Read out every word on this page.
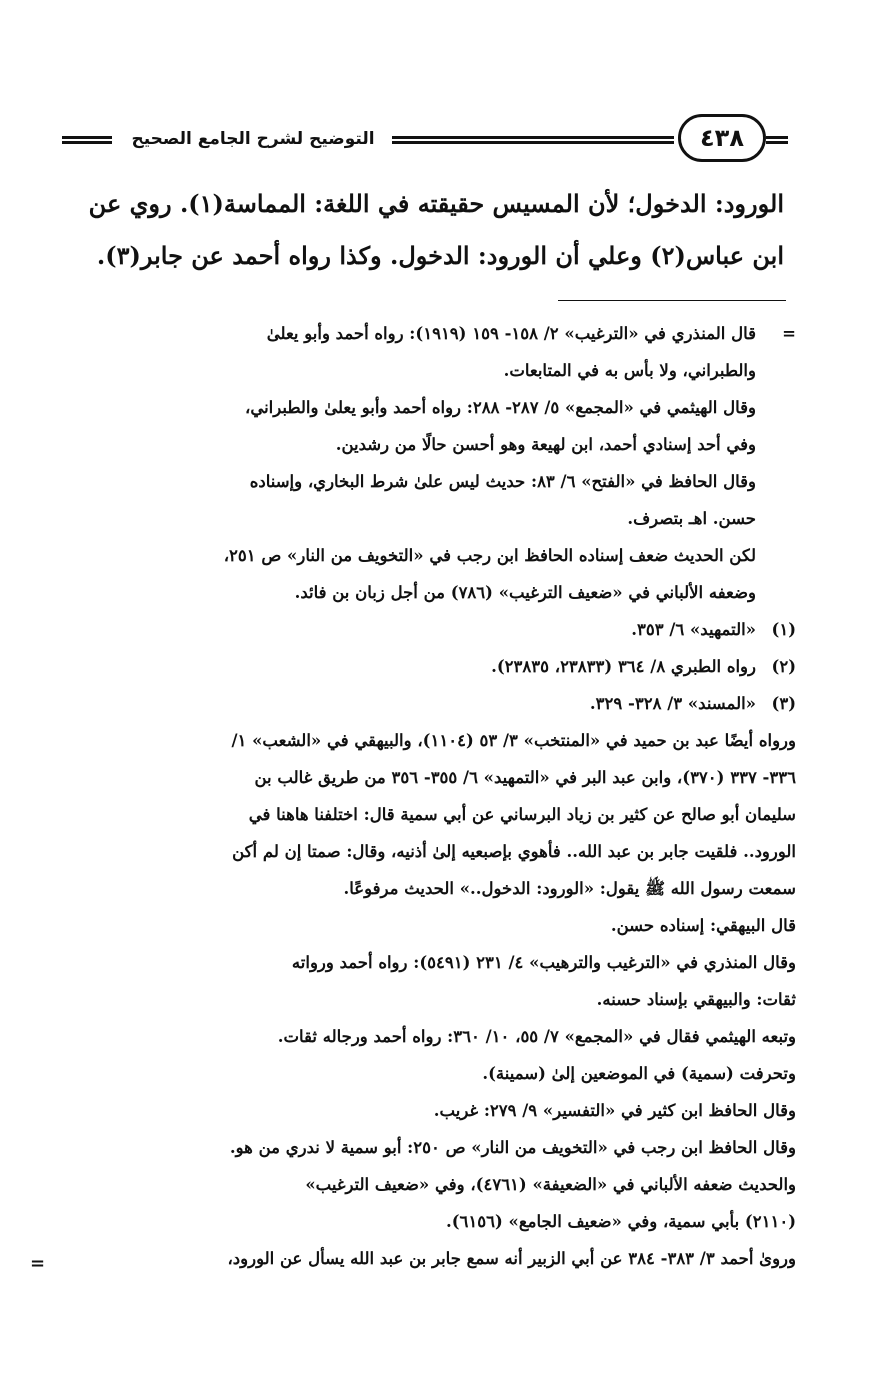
التوضيح لشرح الجامع الصحيح	٤٣٨
الورود: الدخول؛ لأن المسيس حقيقته في اللغة: المماسة(١). روي عن
ابن عباس(٢) وعلي أن الورود: الدخول. وكذا رواه أحمد عن جابر(٣).
=
قال المنذري في «الترغيب» ٢/ ١٥٨- ١٥٩ (١٩١٩): رواه أحمد وأبو يعلىٰ
والطبراني، ولا بأس به في المتابعات.
وقال الهيثمي في «المجمع» ٥/ ٢٨٧- ٢٨٨: رواه أحمد وأبو يعلىٰ والطبراني،
وفي أحد إسنادي أحمد، ابن لهيعة وهو أحسن حالًا من رشدين.
وقال الحافظ في «الفتح» ٦/ ٨٣: حديث ليس علىٰ شرط البخاري، وإسناده
حسن. اهـ بتصرف.
لكن الحديث ضعف إسناده الحافظ ابن رجب في «التخويف من النار» ص ٢٥١،
وضعفه الألباني في «ضعيف الترغيب» (٧٨٦) من أجل زبان بن فائد.
(١)
«التمهيد» ٦/ ٣٥٣.
(٢)
رواه الطبري ٨/ ٣٦٤ (٢٣٨٣٣، ٢٣٨٣٥).
(٣)
«المسند» ٣/ ٣٢٨- ٣٢٩.
ورواه أيضًا عبد بن حميد في «المنتخب» ٣/ ٥٣ (١١٠٤)، والبيهقي في «الشعب» ١/
٣٣٦- ٣٣٧ (٣٧٠)، وابن عبد البر في «التمهيد» ٦/ ٣٥٥- ٣٥٦ من طريق غالب بن
سليمان أبو صالح عن كثير بن زياد البرساني عن أبي سمية قال: اختلفنا هاهنا في
الورود.. فلقيت جابر بن عبد الله.. فأهوي بإصبعيه إلىٰ أذنيه، وقال: صمتا إن لم أكن
سمعت رسول الله ﷺ يقول: «الورود: الدخول..» الحديث مرفوعًا.
قال البيهقي: إسناده حسن.
وقال المنذري في «الترغيب والترهيب» ٤/ ٢٣١ (٥٤٩١): رواه أحمد ورواته
ثقات: والبيهقي بإسناد حسنه.
وتبعه الهيثمي فقال في «المجمع» ٧/ ٥٥، ١٠/ ٣٦٠: رواه أحمد ورجاله ثقات.
وتحرفت (سمية) في الموضعين إلىٰ (سمينة).
وقال الحافظ ابن كثير في «التفسير» ٩/ ٢٧٩: غريب.
وقال الحافظ ابن رجب في «التخويف من النار» ص ٢٥٠: أبو سمية لا ندري من هو.
والحديث ضعفه الألباني في «الضعيفة» (٤٧٦١)، وفي «ضعيف الترغيب»
(٢١١٠) بأبي سمية، وفي «ضعيف الجامع» (٦١٥٦).
ورویٰ أحمد ٣/ ٣٨٣- ٣٨٤ عن أبي الزبير أنه سمع جابر بن عبد الله يسأل عن الورود،
=
